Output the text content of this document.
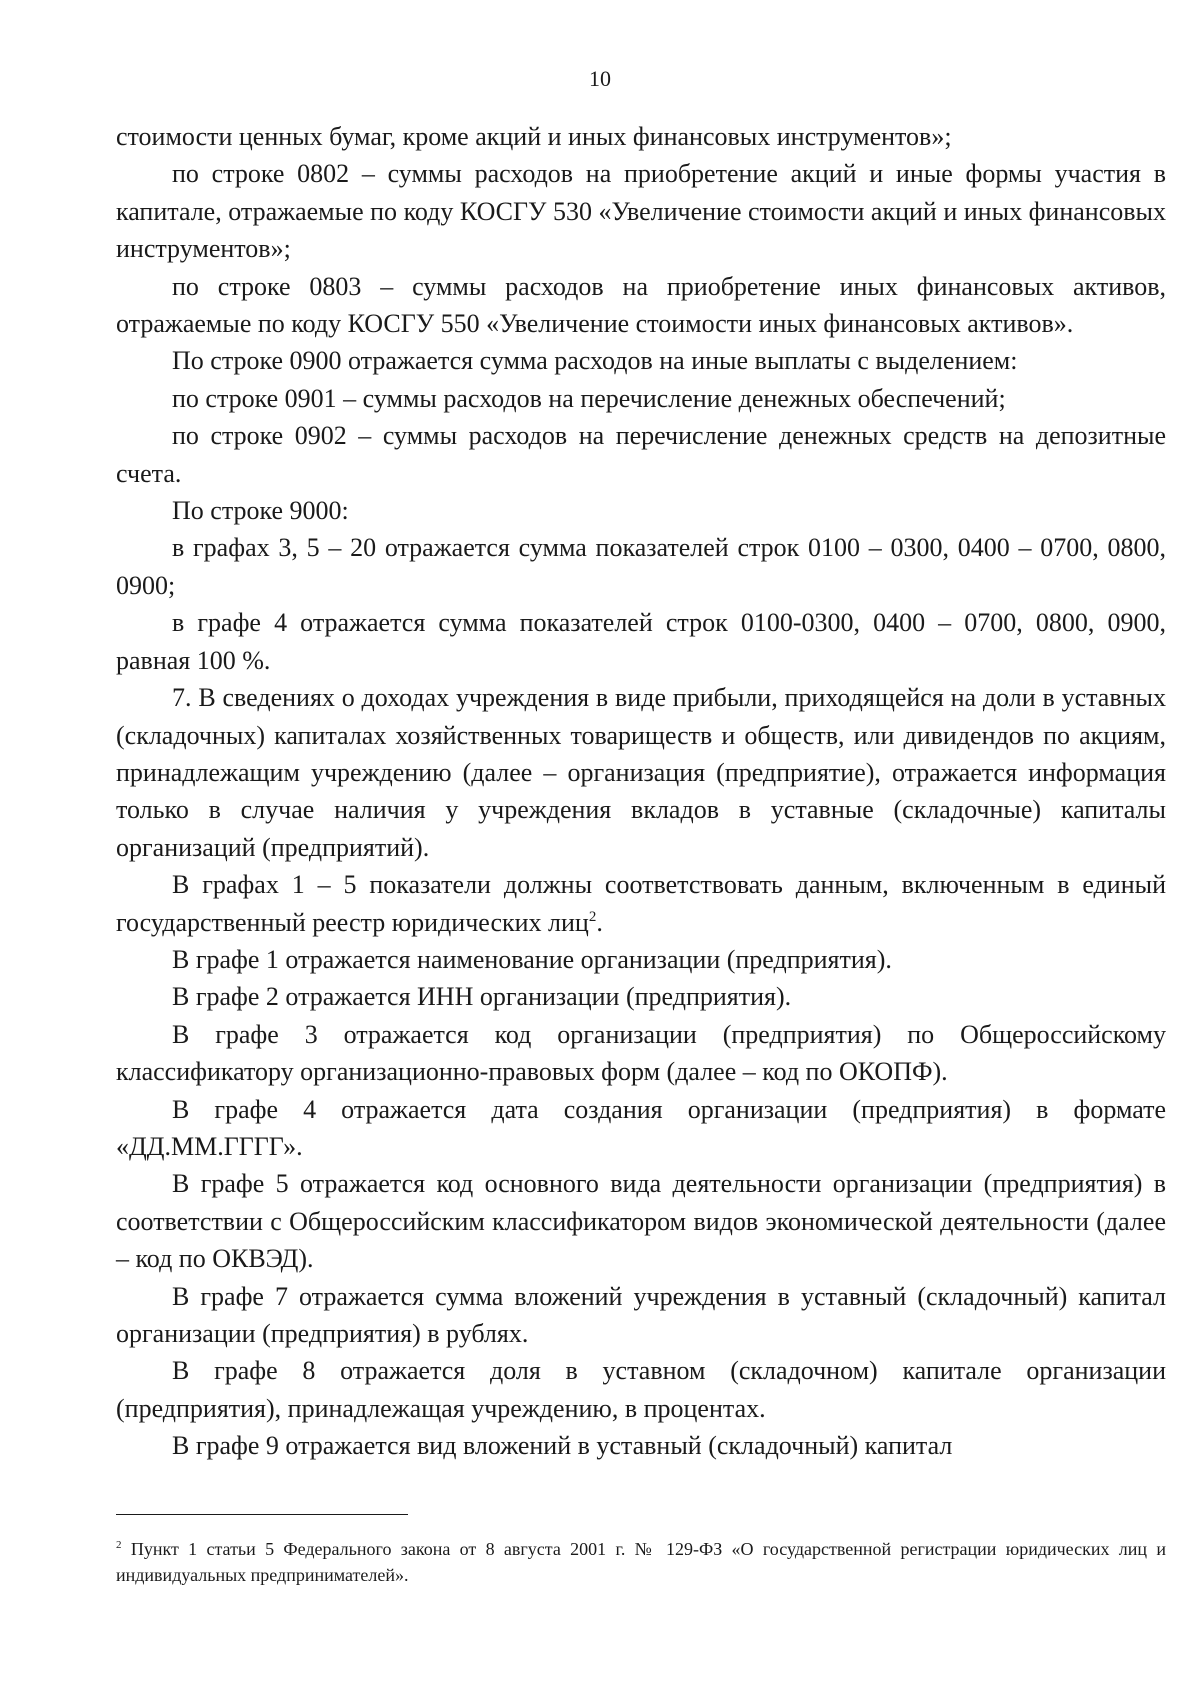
10

стоимости ценных бумаг, кроме акций и иных финансовых инструментов»;

по строке 0802 – суммы расходов на приобретение акций и иные формы участия в капитале, отражаемые по коду КОСГУ 530 «Увеличение стоимости акций и иных финансовых инструментов»;

по строке 0803 – суммы расходов на приобретение иных финансовых активов, отражаемые по коду КОСГУ 550 «Увеличение стоимости иных финансовых активов».

По строке 0900 отражается сумма расходов на иные выплаты с выделением:

по строке 0901 – суммы расходов на перечисление денежных обеспечений;

по строке 0902 – суммы расходов на перечисление денежных средств на депозитные счета.

По строке 9000:

в графах 3, 5 – 20 отражается сумма показателей строк 0100 – 0300, 0400 – 0700, 0800, 0900;

в графе 4 отражается сумма показателей строк 0100-0300, 0400 – 0700, 0800, 0900, равная 100 %.

7. В сведениях о доходах учреждения в виде прибыли, приходящейся на доли в уставных (складочных) капиталах хозяйственных товариществ и обществ, или дивидендов по акциям, принадлежащим учреждению (далее – организация (предприятие), отражается информация только в случае наличия у учреждения вкладов в уставные (складочные) капиталы организаций (предприятий).

В графах 1 – 5 показатели должны соответствовать данным, включенным в единый государственный реестр юридических лиц$^2$.

В графе 1 отражается наименование организации (предприятия).

В графе 2 отражается ИНН организации (предприятия).

В графе 3 отражается код организации (предприятия) по Общероссийскому классификатору организационно-правовых форм (далее – код по ОКОПФ).

В графе 4 отражается дата создания организации (предприятия) в формате «ДД.ММ.ГГГГ».

В графе 5 отражается код основного вида деятельности организации (предприятия) в соответствии с Общероссийским классификатором видов экономической деятельности (далее – код по ОКВЭД).

В графе 7 отражается сумма вложений учреждения в уставный (складочный) капитал организации (предприятия) в рублях.

В графе 8 отражается доля в уставном (складочном) капитале организации (предприятия), принадлежащая учреждению, в процентах.

В графе 9 отражается вид вложений в уставный (складочный) капитал

$^2$ Пункт 1 статьи 5 Федерального закона от 8 августа 2001 г. № 129-ФЗ «О государственной регистрации юридических лиц и индивидуальных предпринимателей».
